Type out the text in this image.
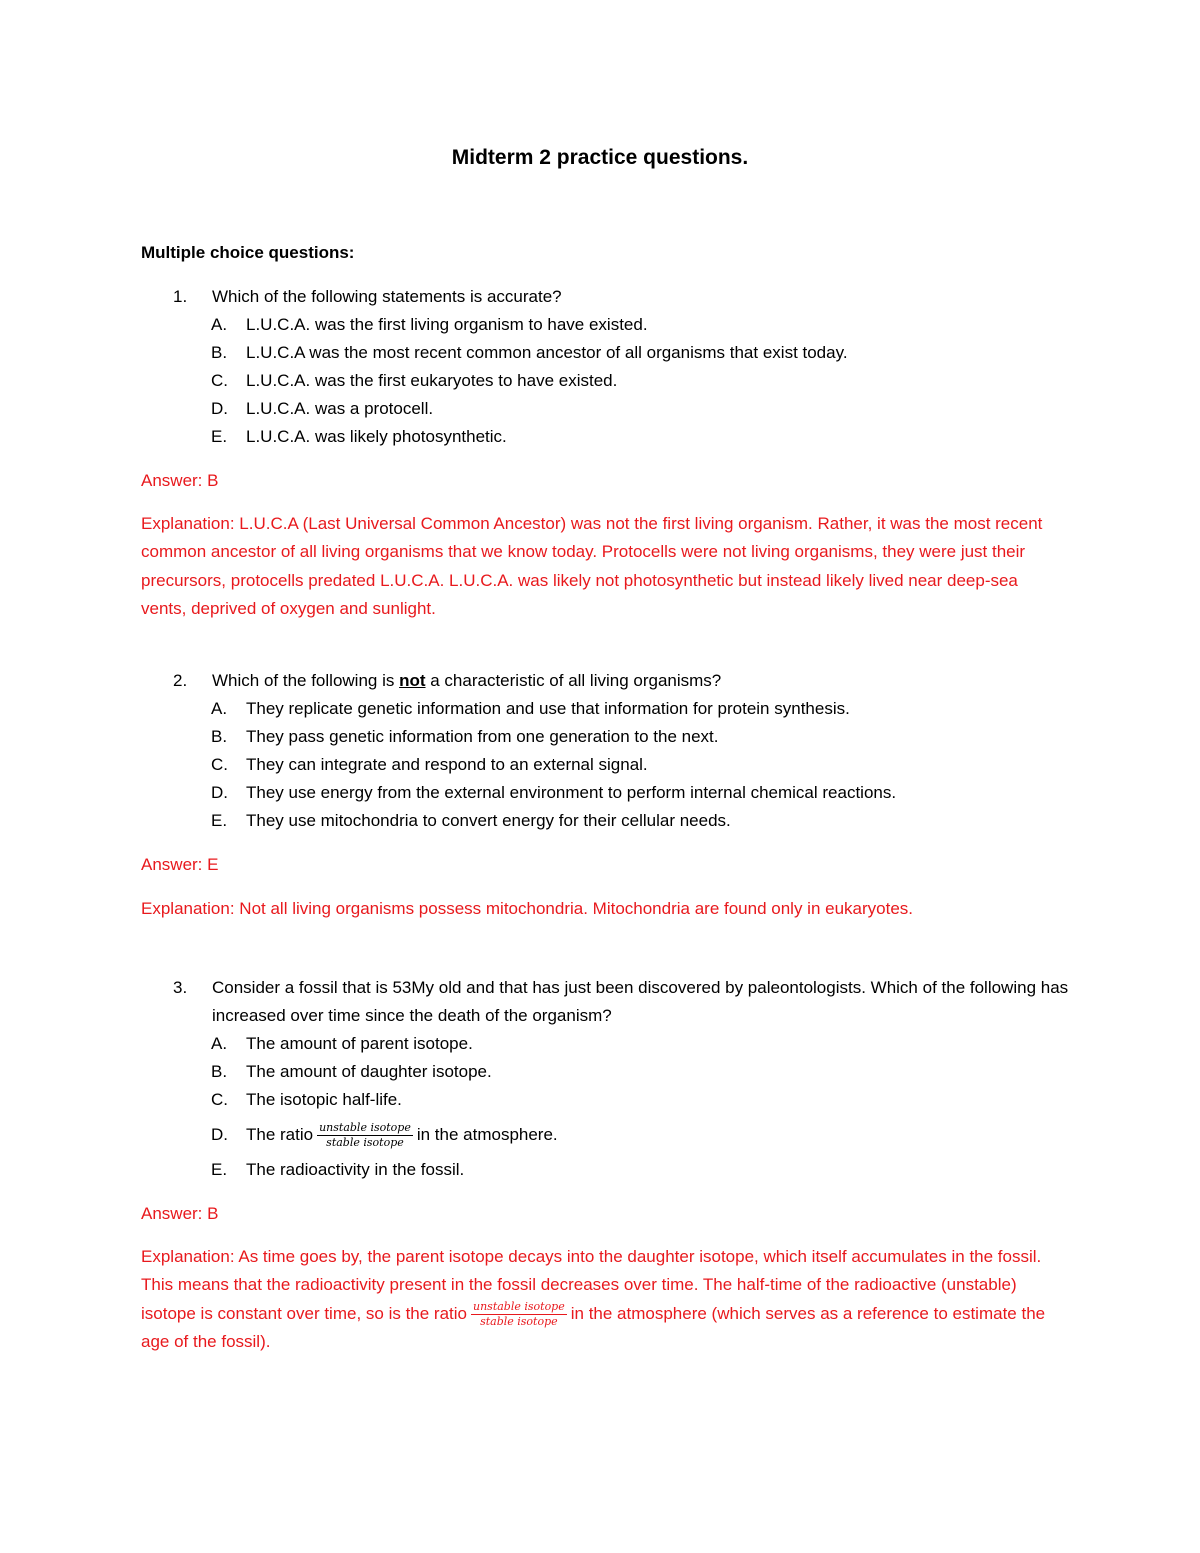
Midterm 2 practice questions.
Multiple choice questions:
1. Which of the following statements is accurate?
A. L.U.C.A. was the first living organism to have existed.
B. L.U.C.A was the most recent common ancestor of all organisms that exist today.
C. L.U.C.A. was the first eukaryotes to have existed.
D. L.U.C.A. was a protocell.
E. L.U.C.A. was likely photosynthetic.
Answer: B
Explanation: L.U.C.A (Last Universal Common Ancestor) was not the first living organism. Rather, it was the most recent common ancestor of all living organisms that we know today. Protocells were not living organisms, they were just their precursors, protocells predated L.U.C.A. L.U.C.A. was likely not photosynthetic but instead likely lived near deep-sea vents, deprived of oxygen and sunlight.
2. Which of the following is not a characteristic of all living organisms?
A. They replicate genetic information and use that information for protein synthesis.
B. They pass genetic information from one generation to the next.
C. They can integrate and respond to an external signal.
D. They use energy from the external environment to perform internal chemical reactions.
E. They use mitochondria to convert energy for their cellular needs.
Answer: E
Explanation: Not all living organisms possess mitochondria. Mitochondria are found only in eukaryotes.
3. Consider a fossil that is 53My old and that has just been discovered by paleontologists. Which of the following has increased over time since the death of the organism?
A. The amount of parent isotope.
B. The amount of daughter isotope.
C. The isotopic half-life.
D. The ratio $\frac{\text{unstable isotope}}{\text{stable isotope}}$ in the atmosphere.
E. The radioactivity in the fossil.
Answer: B
Explanation: As time goes by, the parent isotope decays into the daughter isotope, which itself accumulates in the fossil. This means that the radioactivity present in the fossil decreases over time. The half-time of the radioactive (unstable) isotope is constant over time, so is the ratio $\frac{\text{unstable isotope}}{\text{stable isotope}}$ in the atmosphere (which serves as a reference to estimate the age of the fossil).
